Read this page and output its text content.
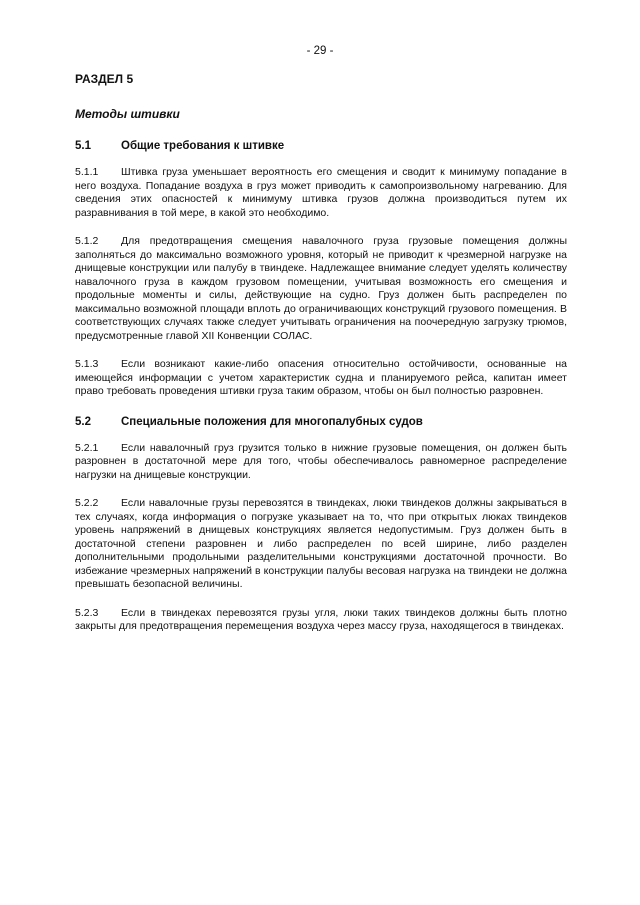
- 29 -

РАЗДЕЛ 5

Методы штивки

5.1	Общие требования к штивке

5.1.1 Штивка груза уменьшает вероятность его смещения и сводит к минимуму попадание в него воздуха. Попадание воздуха в груз может приводить к самопроизвольному нагреванию. Для сведения этих опасностей к минимуму штивка грузов должна производиться путем их разравнивания в той мере, в какой это необходимо.

5.1.2 Для предотвращения смещения навалочного груза грузовые помещения должны заполняться до максимально возможного уровня, который не приводит к чрезмерной нагрузке на днищевые конструкции или палубу в твиндеке. Надлежащее внимание следует уделять количеству навалочного груза в каждом грузовом помещении, учитывая возможность его смещения и продольные моменты и силы, действующие на судно. Груз должен быть распределен по максимально возможной площади вплоть до ограничивающих конструкций грузового помещения. В соответствующих случаях также следует учитывать ограничения на поочередную загрузку трюмов, предусмотренные главой XII Конвенции СОЛАС.

5.1.3 Если возникают какие-либо опасения относительно остойчивости, основанные на имеющейся информации с учетом характеристик судна и планируемого рейса, капитан имеет право требовать проведения штивки груза таким образом, чтобы он был полностью разровнен.

5.2	Специальные положения для многопалубных судов

5.2.1 Если навалочный груз грузится только в нижние грузовые помещения, он должен быть разровнен в достаточной мере для того, чтобы обеспечивалось равномерное распределение нагрузки на днищевые конструкции.

5.2.2 Если навалочные грузы перевозятся в твиндеках, люки твиндеков должны закрываться в тех случаях, когда информация о погрузке указывает на то, что при открытых люках твиндеков уровень напряжений в днищевых конструкциях является недопустимым. Груз должен быть в достаточной степени разровнен и либо распределен по всей ширине, либо разделен дополнительными продольными разделительными конструкциями достаточной прочности. Во избежание чрезмерных напряжений в конструкции палубы весовая нагрузка на твиндеки не должна превышать безопасной величины.

5.2.3 Если в твиндеках перевозятся грузы угля, люки таких твиндеков должны быть плотно закрыты для предотвращения перемещения воздуха через массу груза, находящегося в твиндеках.
